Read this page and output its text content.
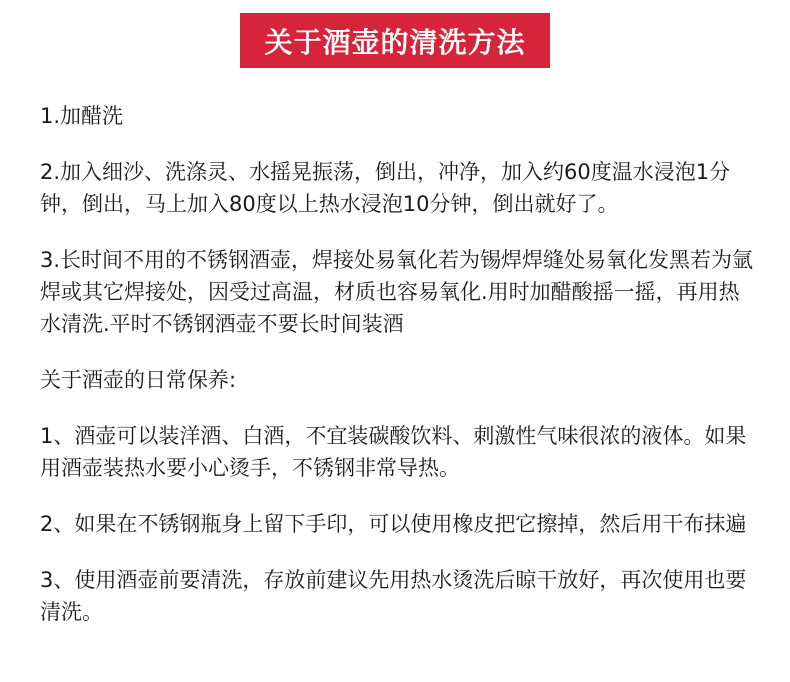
关于酒壶的清洗方法

1.加醋洗

2.加入细沙、洗涤灵、水摇晃振荡，倒出，冲净，加入约60度温水浸泡1分钟，倒出，马上加入80度以上热水浸泡10分钟，倒出就好了。

3.长时间不用的不锈钢酒壶，焊接处易氧化若为锡焊焊缝处易氧化发黑若为氩焊或其它焊接处，因受过高温，材质也容易氧化.用时加醋酸摇一摇，再用热水清洗.平时不锈钢酒壶不要长时间装酒

关于酒壶的日常保养:

1、酒壶可以装洋酒、白酒，不宜装碳酸饮料、刺激性气味很浓的液体。如果用酒壶装热水要小心烫手，不锈钢非常导热。

2、如果在不锈钢瓶身上留下手印，可以使用橡皮把它擦掉，然后用干布抹遍

3、使用酒壶前要清洗，存放前建议先用热水烫洗后晾干放好，再次使用也要清洗。
